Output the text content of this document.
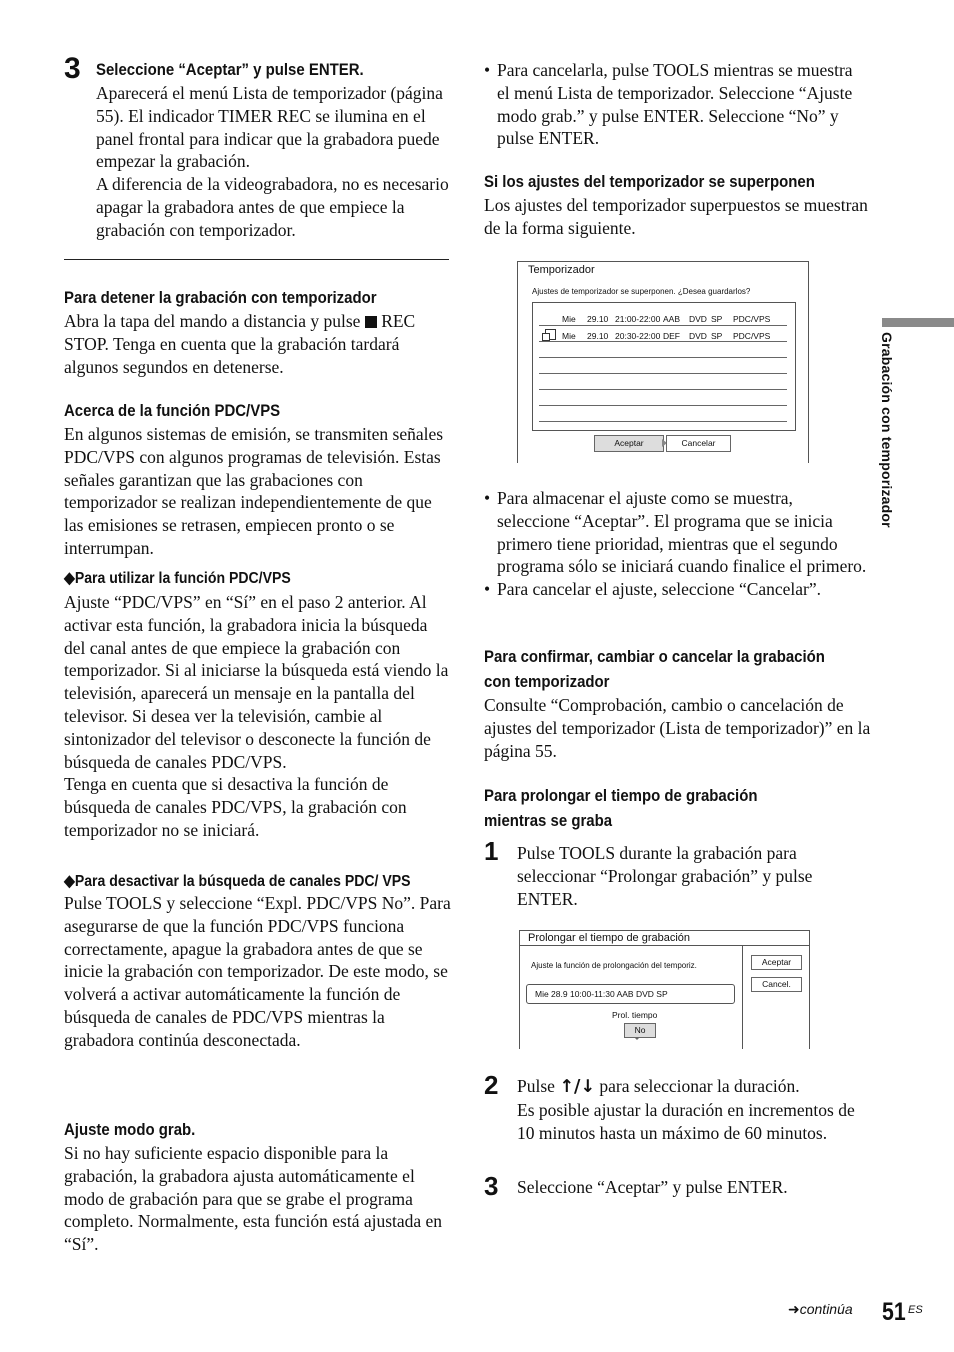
Grabación con temporizador
3 Seleccione “Aceptar” y pulse ENTER.

Aparecerá el menú Lista de temporizador (página 55). El indicador TIMER REC se ilumina en el panel frontal para indicar que la grabadora puede empezar la grabación.

A diferencia de la videograbadora, no es necesario apagar la grabadora antes de que empiece la grabación con temporizador.

Para detener la grabación con temporizador

Abra la tapa del mando a distancia y pulse REC STOP. Tenga en cuenta que la grabación tardará algunos segundos en detenerse.

Acerca de la función PDC/VPS

En algunos sistemas de emisión, se transmiten señales PDC/VPS con algunos programas de televisión. Estas señales garantizan que las grabaciones con temporizador se realizan independientemente de que las emisiones se retrasen, empiecen pronto o se interrumpan.

◆Para utilizar la función PDC/VPS

Ajuste “PDC/VPS” en “Sí” en el paso 2 anterior. Al activar esta función, la grabadora inicia la búsqueda del canal antes de que empiece la grabación con temporizador. Si al iniciarse la búsqueda está viendo la televisión, aparecerá un mensaje en la pantalla del televisor. Si desea ver la televisión, cambie al sintonizador del televisor o desconecte la función de búsqueda de canales PDC/VPS.

Tenga en cuenta que si desactiva la función de búsqueda de canales PDC/VPS, la grabación con temporizador no se iniciará.

◆Para desactivar la búsqueda de canales PDC/ VPS

Pulse TOOLS y seleccione “Expl. PDC/VPS No”. Para asegurarse de que la función PDC/VPS funciona correctamente, apague la grabadora antes de que se inicie la grabación con temporizador. De este modo, se volverá a activar automáticamente la función de búsqueda de canales de PDC/VPS mientras la grabadora continúa desconectada.

Ajuste modo grab.

Si no hay suficiente espacio disponible para la grabación, la grabadora ajusta automáticamente el modo de grabación para que se grabe el programa completo. Normalmente, esta función está ajustada en “Sí”.

• Para cancelarla, pulse TOOLS mientras se muestra el menú Lista de temporizador. Seleccione “Ajuste modo grab.” y pulse ENTER. Seleccione “No” y pulse ENTER.

Si los ajustes del temporizador se superponen

Los ajustes del temporizador superpuestos se muestran de la forma siguiente.

Temporizador
Ajustes de temporizador se superponen. ¿Desea guardarlos?
Mie 29.10 21:00-22:00 AAB DVD SP PDC/VPS
Mie 29.10 20:30-22:00 DEF DVD SP PDC/VPS
Aceptar	Cancelar

• Para almacenar el ajuste como se muestra, seleccione “Aceptar”. El programa que se inicia primero tiene prioridad, mientras que el segundo programa sólo se iniciará cuando finalice el primero.

• Para cancelar el ajuste, seleccione “Cancelar”.

Para confirmar, cambiar o cancelar la grabación con temporizador

Consulte “Comprobación, cambio o cancelación de ajustes del temporizador (Lista de temporizador)” en la página 55.

Para prolongar el tiempo de grabación mientras se graba
1 Pulse TOOLS durante la grabación para seleccionar “Prolongar grabación” y pulse ENTER.

Prolongar el tiempo de grabación
Ajuste la función de prolongación del temporiz.
Mie 28.9 10:00-11:30 AAB DVD SP
Prol. tiempo
No
Aceptar
Cancel.
2 Pulse ↑/↓ para seleccionar la duración.

Es posible ajustar la duración en incrementos de 10 minutos hasta un máximo de 60 minutos.

3 Seleccione “Aceptar” y pulse ENTER.

➜continúa 51 ES
